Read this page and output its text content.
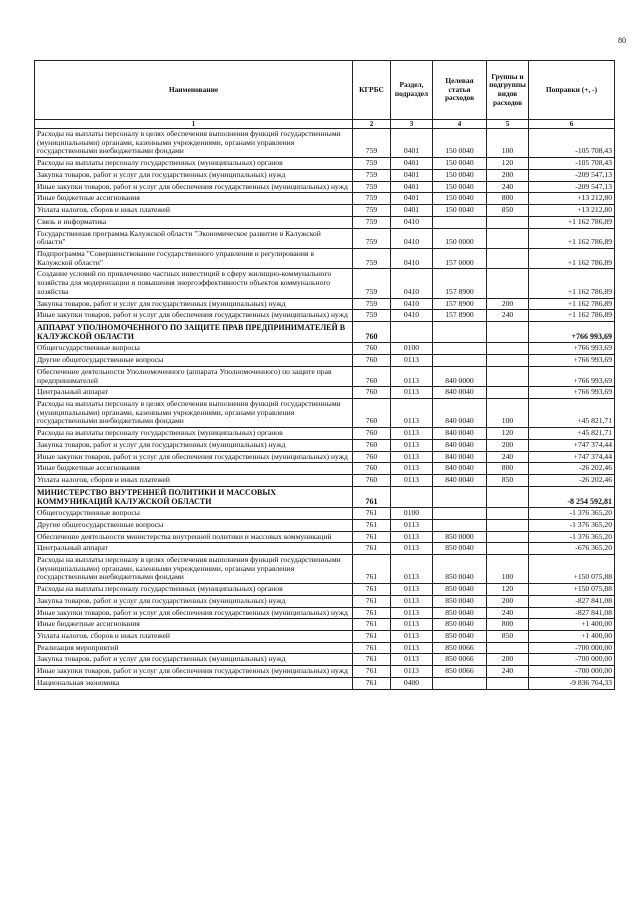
80
Наименование	КГРБС	Раздел, подраздел	Целевая статья расходов	Группы и подгруппы видов расходов	Поправки (+, -)
1	2	3	4	5	6
Расходы на выплаты персоналу в целях обеспечения выполнения функций государственными (муниципальными) органами, казенными учреждениями, органами управления государственными внебюджетными фондами	759	0401	150 0040	100	-105 708,43
Расходы на выплаты персоналу государственных (муниципальных) органов	759	0401	150 0040	120	-105 708,43
Закупка товаров, работ и услуг для государственных (муниципальных) нужд	759	0401	150 0040	200	-209 547,13
Иные закупки товаров, работ и услуг для обеспечения государственных (муниципальных) нужд	759	0401	150 0040	240	-209 547,13
Иные бюджетные ассигнования	759	0401	150 0040	800	+13 212,80
Уплата налогов, сборов и иных платежей	759	0401	150 0040	850	+13 212,80
Связь и информатика	759	0410			+1 162 786,89
Государственная программа Калужской области "Экономическое развитие в Калужской области"	759	0410	150 0000		+1 162 786,89
Подпрограмма "Совершенствование государственного управления и регулирования в Калужской области"	759	0410	157 0000		+1 162 786,89
Создание условий по привлечению частных инвестиций в сферу жилищно-коммунального хозяйства для модернизации и повышения энергоэффективности объектов коммунального хозяйства	759	0410	157 8900		+1 162 786,89
Закупка товаров, работ и услуг для государственных (муниципальных) нужд	759	0410	157 8900	200	+1 162 786,89
Иные закупки товаров, работ и услуг для обеспечения государственных (муниципальных) нужд	759	0410	157 8900	240	+1 162 786,89
АППАРАТ УПОЛНОМОЧЕННОГО ПО ЗАЩИТЕ ПРАВ ПРЕДПРИНИМАТЕЛЕЙ В КАЛУЖСКОЙ ОБЛАСТИ	760				+766 993,69
Общегосударственные вопросы	760	0100			+766 993,69
Другие общегосударственные вопросы	760	0113			+766 993,69
Обеспечение деятельности Уполномоченного (аппарата Уполномоченного) по защите прав предпринимателей	760	0113	840 0000		+766 993,69
Центральный аппарат	760	0113	840 0040		+766 993,69
Расходы на выплаты персоналу в целях обеспечения выполнения функций государственными (муниципальными) органами, казенными учреждениями, органами управления государственными внебюджетными фондами	760	0113	840 0040	100	+45 821,71
Расходы на выплаты персоналу государственных (муниципальных) органов	760	0113	840 0040	120	+45 821,71
Закупка товаров, работ и услуг для государственных (муниципальных) нужд	760	0113	840 0040	200	+747 374,44
Иные закупки товаров, работ и услуг для обеспечения государственных (муниципальных) нужд	760	0113	840 0040	240	+747 374,44
Иные бюджетные ассигнования	760	0113	840 0040	800	-26 202,46
Уплата налогов, сборов и иных платежей	760	0113	840 0040	850	-26 202,46
МИНИСТЕРСТВО ВНУТРЕННЕЙ ПОЛИТИКИ И МАССОВЫХ КОММУНИКАЦИЙ КАЛУЖСКОЙ ОБЛАСТИ	761				-8 254 592,81
Общегосударственные вопросы	761	0100			-1 376 365,20
Другие общегосударственные вопросы	761	0113			-1 376 365,20
Обеспечение деятельности министерства внутренней политики и массовых коммуникаций	761	0113	850 0000		-1 376 365,20
Центральный аппарат	761	0113	850 0040		-676 365,20
Расходы на выплаты персоналу в целях обеспечения выполнения функций государственными (муниципальными) органами, казенными учреждениями, органами управления государственными внебюджетными фондами	761	0113	850 0040	100	+150 075,88
Расходы на выплаты персоналу государственных (муниципальных) органов	761	0113	850 0040	120	+150 075,88
Закупка товаров, работ и услуг для государственных (муниципальных) нужд	761	0113	850 0040	200	-827 841,08
Иные закупки товаров, работ и услуг для обеспечения государственных (муниципальных) нужд	761	0113	850 0040	240	-827 841,08
Иные бюджетные ассигнования	761	0113	850 0040	800	+1 400,00
Уплата налогов, сборов и иных платежей	761	0113	850 0040	850	+1 400,00
Реализация мероприятий	761	0113	850 0066		-700 000,00
Закупка товаров, работ и услуг для государственных (муниципальных) нужд	761	0113	850 0066	200	-700 000,00
Иные закупки товаров, работ и услуг для обеспечения государственных (муниципальных) нужд	761	0113	850 0066	240	-700 000,00
Национальная экономика	761	0400			-9 836 764,33
